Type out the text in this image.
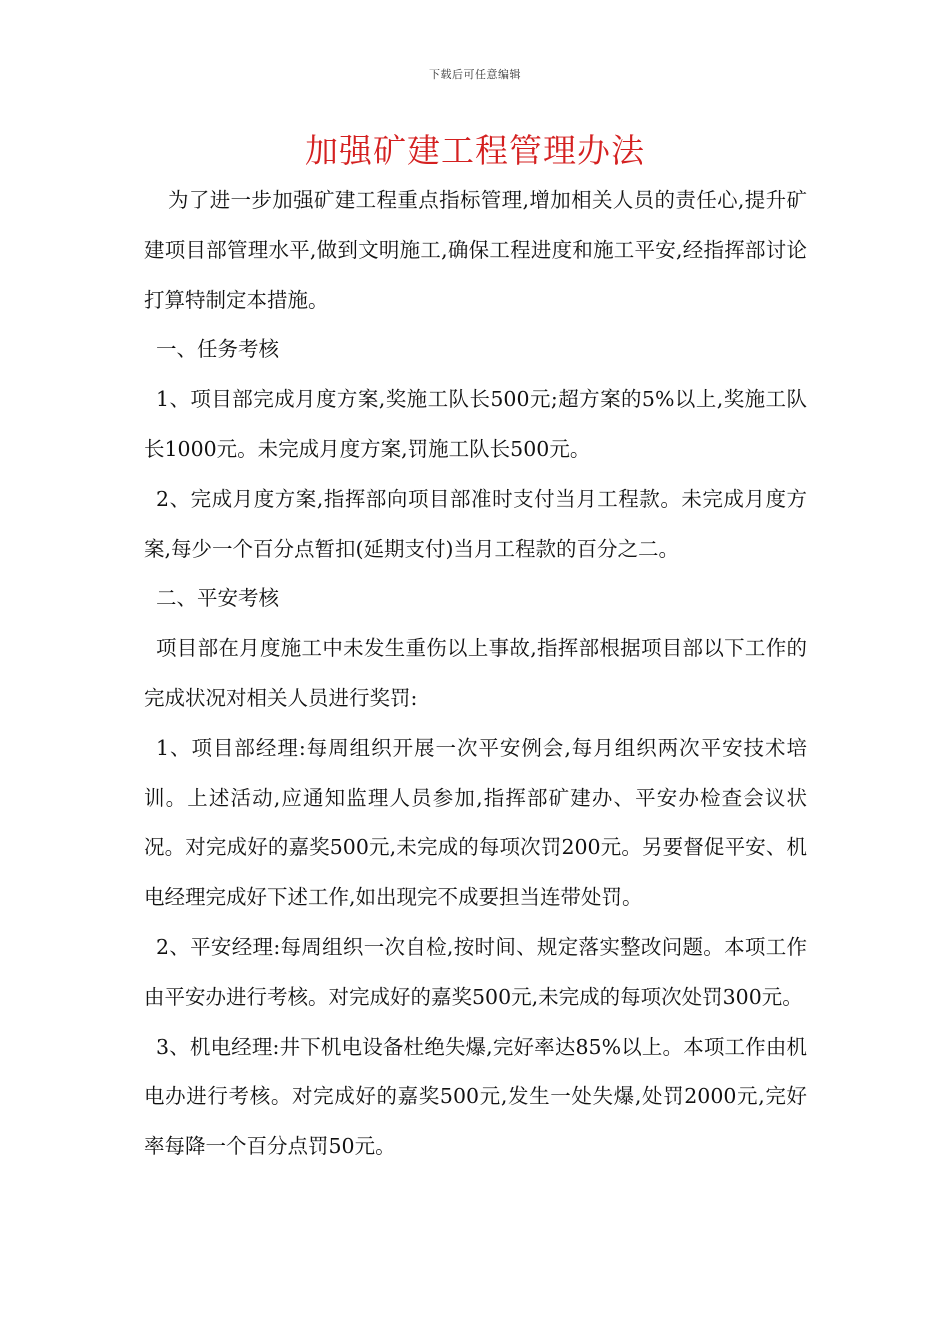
下载后可任意编辑
加强矿建工程管理办法

为了进一步加强矿建工程重点指标管理,增加相关人员的责任心,提升矿建项目部管理水平,做到文明施工,确保工程进度和施工平安,经指挥部讨论打算特制定本措施。

一、任务考核

1、项目部完成月度方案,奖施工队长500元;超方案的5%以上,奖施工队长1000元。未完成月度方案,罚施工队长500元。

2、完成月度方案,指挥部向项目部准时支付当月工程款。未完成月度方案,每少一个百分点暂扣(延期支付)当月工程款的百分之二。

二、平安考核

项目部在月度施工中未发生重伤以上事故,指挥部根据项目部以下工作的完成状况对相关人员进行奖罚:

1、项目部经理:每周组织开展一次平安例会,每月组织两次平安技术培训。上述活动,应通知监理人员参加,指挥部矿建办、平安办检查会议状况。对完成好的嘉奖500元,未完成的每项次罚200元。另要督促平安、机电经理完成好下述工作,如出现完不成要担当连带处罚。

2、平安经理:每周组织一次自检,按时间、规定落实整改问题。本项工作由平安办进行考核。对完成好的嘉奖500元,未完成的每项次处罚300元。

3、机电经理:井下机电设备杜绝失爆,完好率达85%以上。本项工作由机电办进行考核。对完成好的嘉奖500元,发生一处失爆,处罚2000元,完好率每降一个百分点罚50元。
